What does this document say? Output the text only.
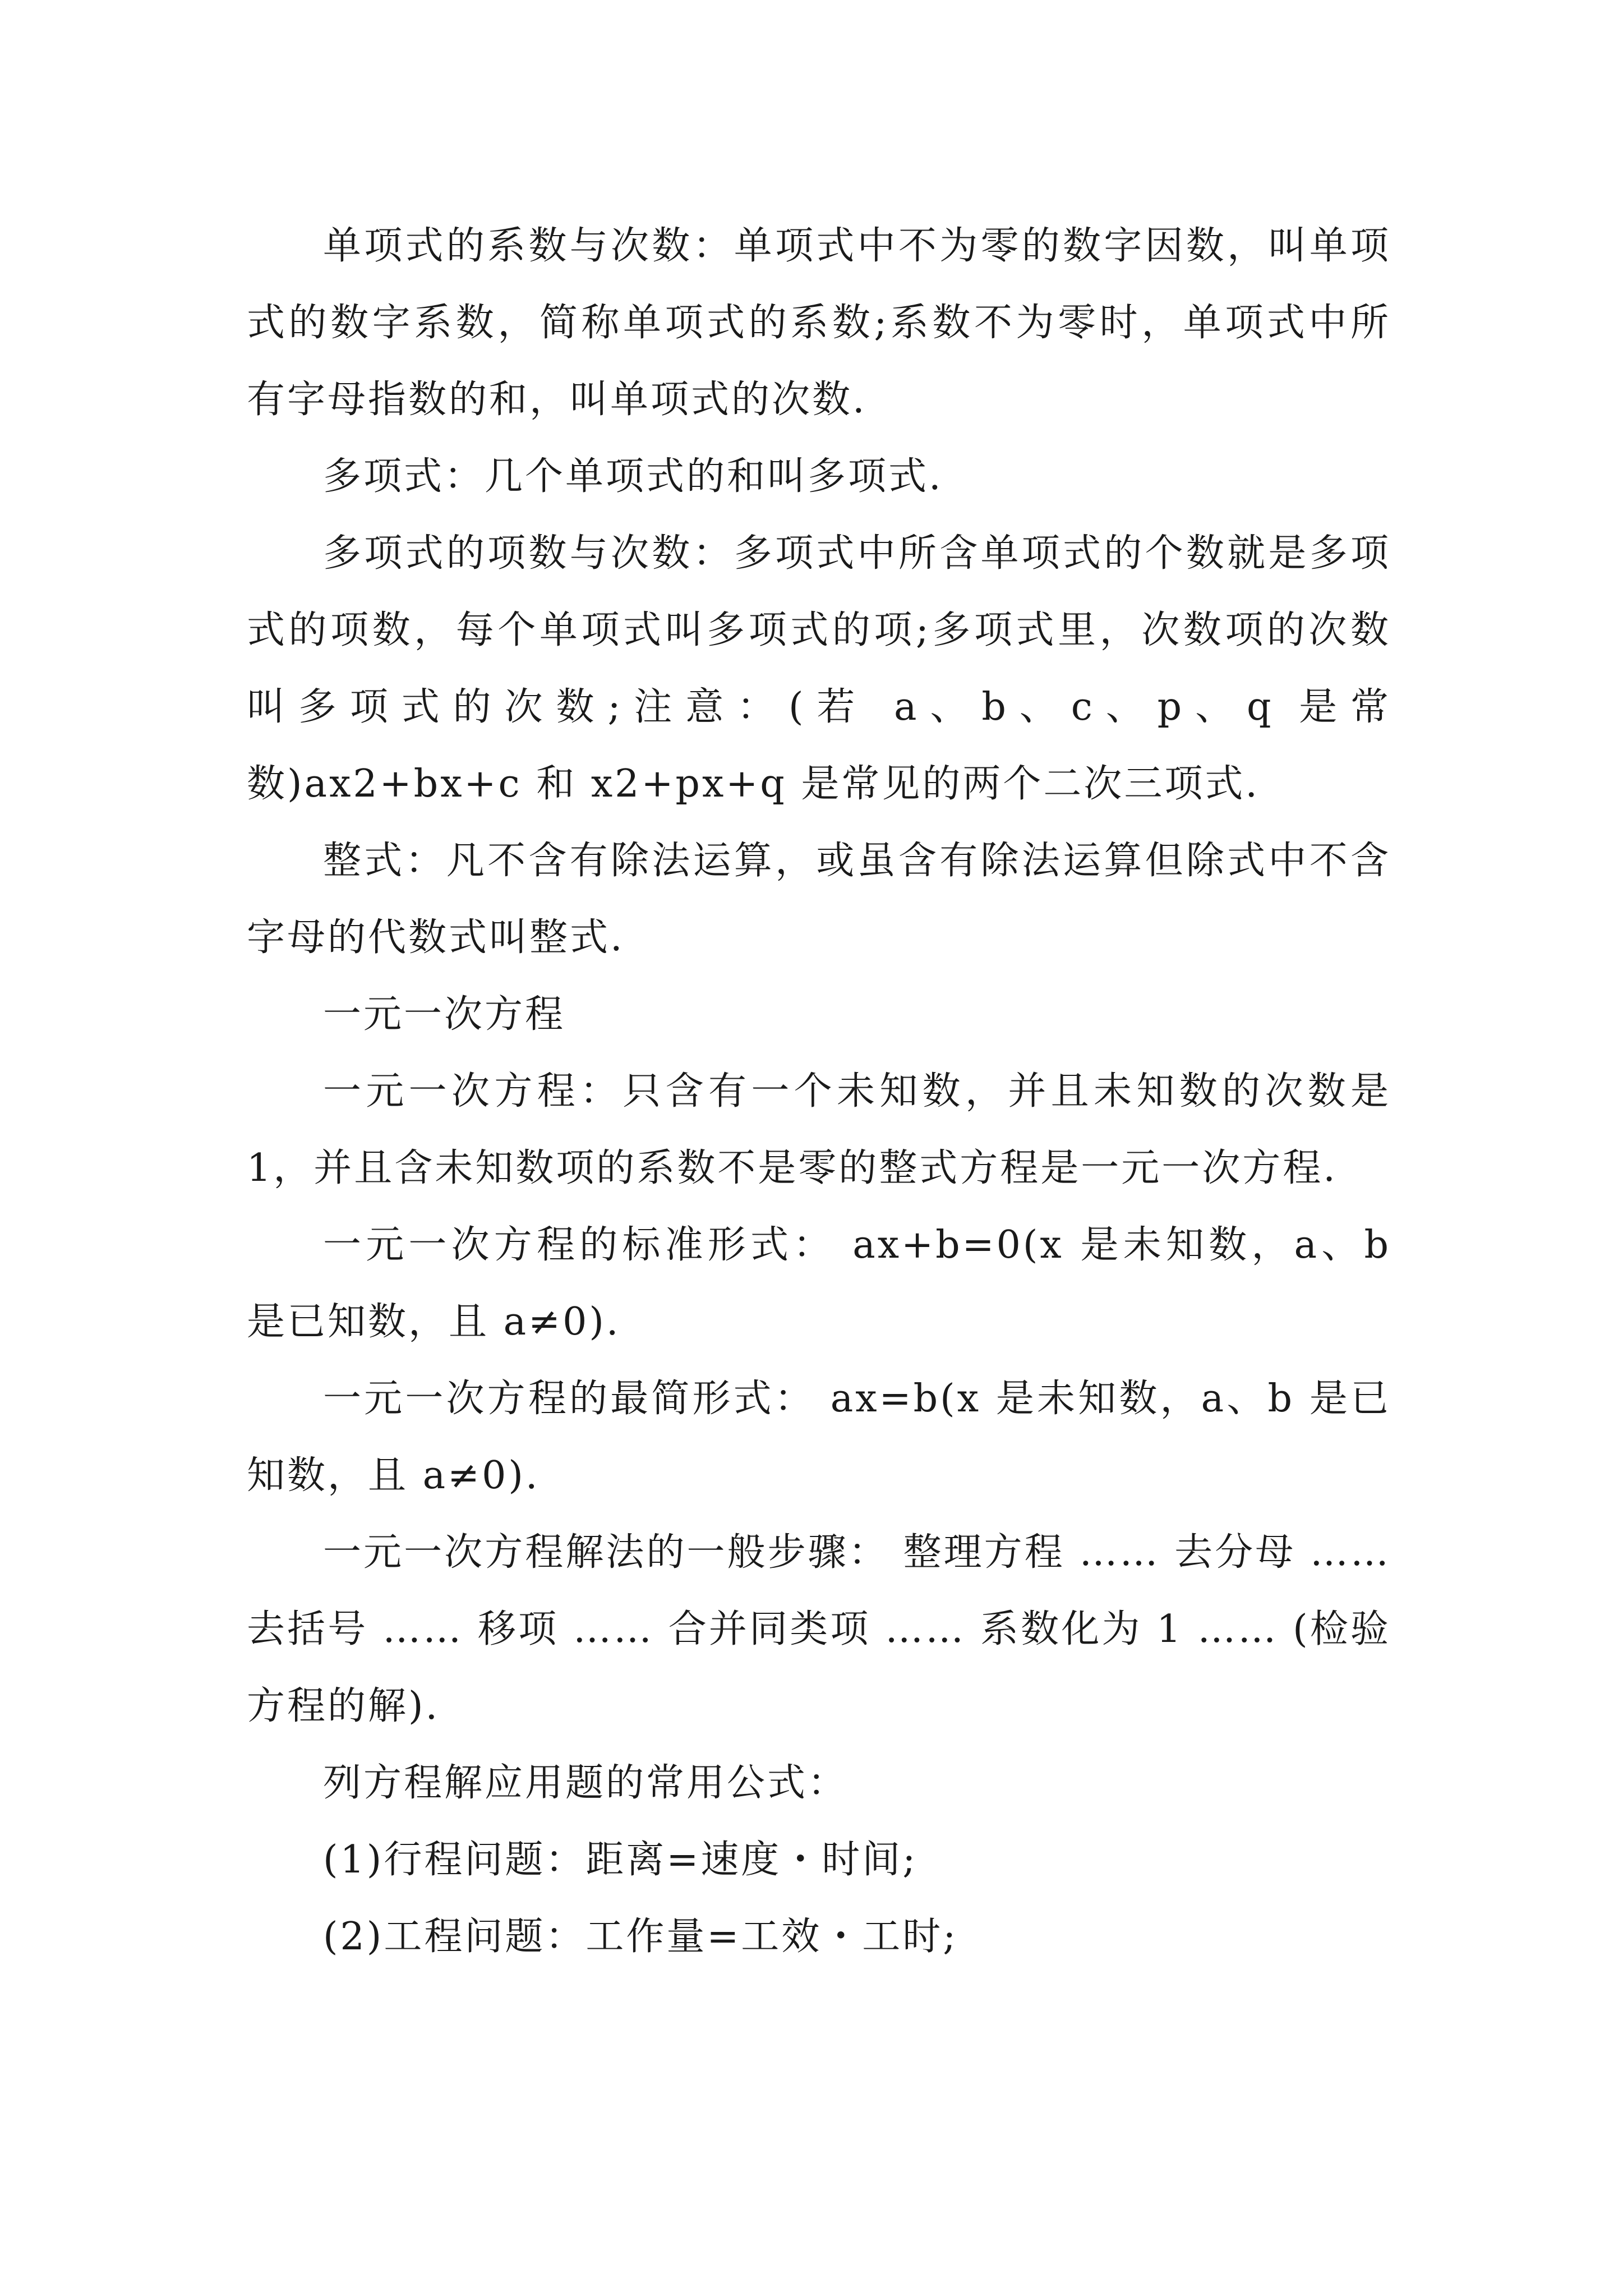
单项式的系数与次数：单项式中不为零的数字因数，叫单项式的数字系数，简称单项式的系数;系数不为零时，单项式中所有字母指数的和，叫单项式的次数.

多项式：几个单项式的和叫多项式.

多项式的项数与次数：多项式中所含单项式的个数就是多项式的项数，每个单项式叫多项式的项;多项式里，次数项的次数叫多项式的次数;注意：(若 a、b、c、p、q 是常数)ax2+bx+c 和 x2+px+q 是常见的两个二次三项式.

整式：凡不含有除法运算，或虽含有除法运算但除式中不含字母的代数式叫整式.

一元一次方程

一元一次方程：只含有一个未知数，并且未知数的次数是 1，并且含未知数项的系数不是零的整式方程是一元一次方程.

一元一次方程的标准形式： ax+b=0(x 是未知数，a、b 是已知数，且 a≠0).

一元一次方程的最简形式： ax=b(x 是未知数，a、b 是已知数，且 a≠0).

一元一次方程解法的一般步骤： 整理方程 …… 去分母 …… 去括号 …… 移项 …… 合并同类项 …… 系数化为 1 …… (检验方程的解).

列方程解应用题的常用公式：

(1)行程问题：距离=速度・时间;

(2)工程问题：工作量=工效・工时;
